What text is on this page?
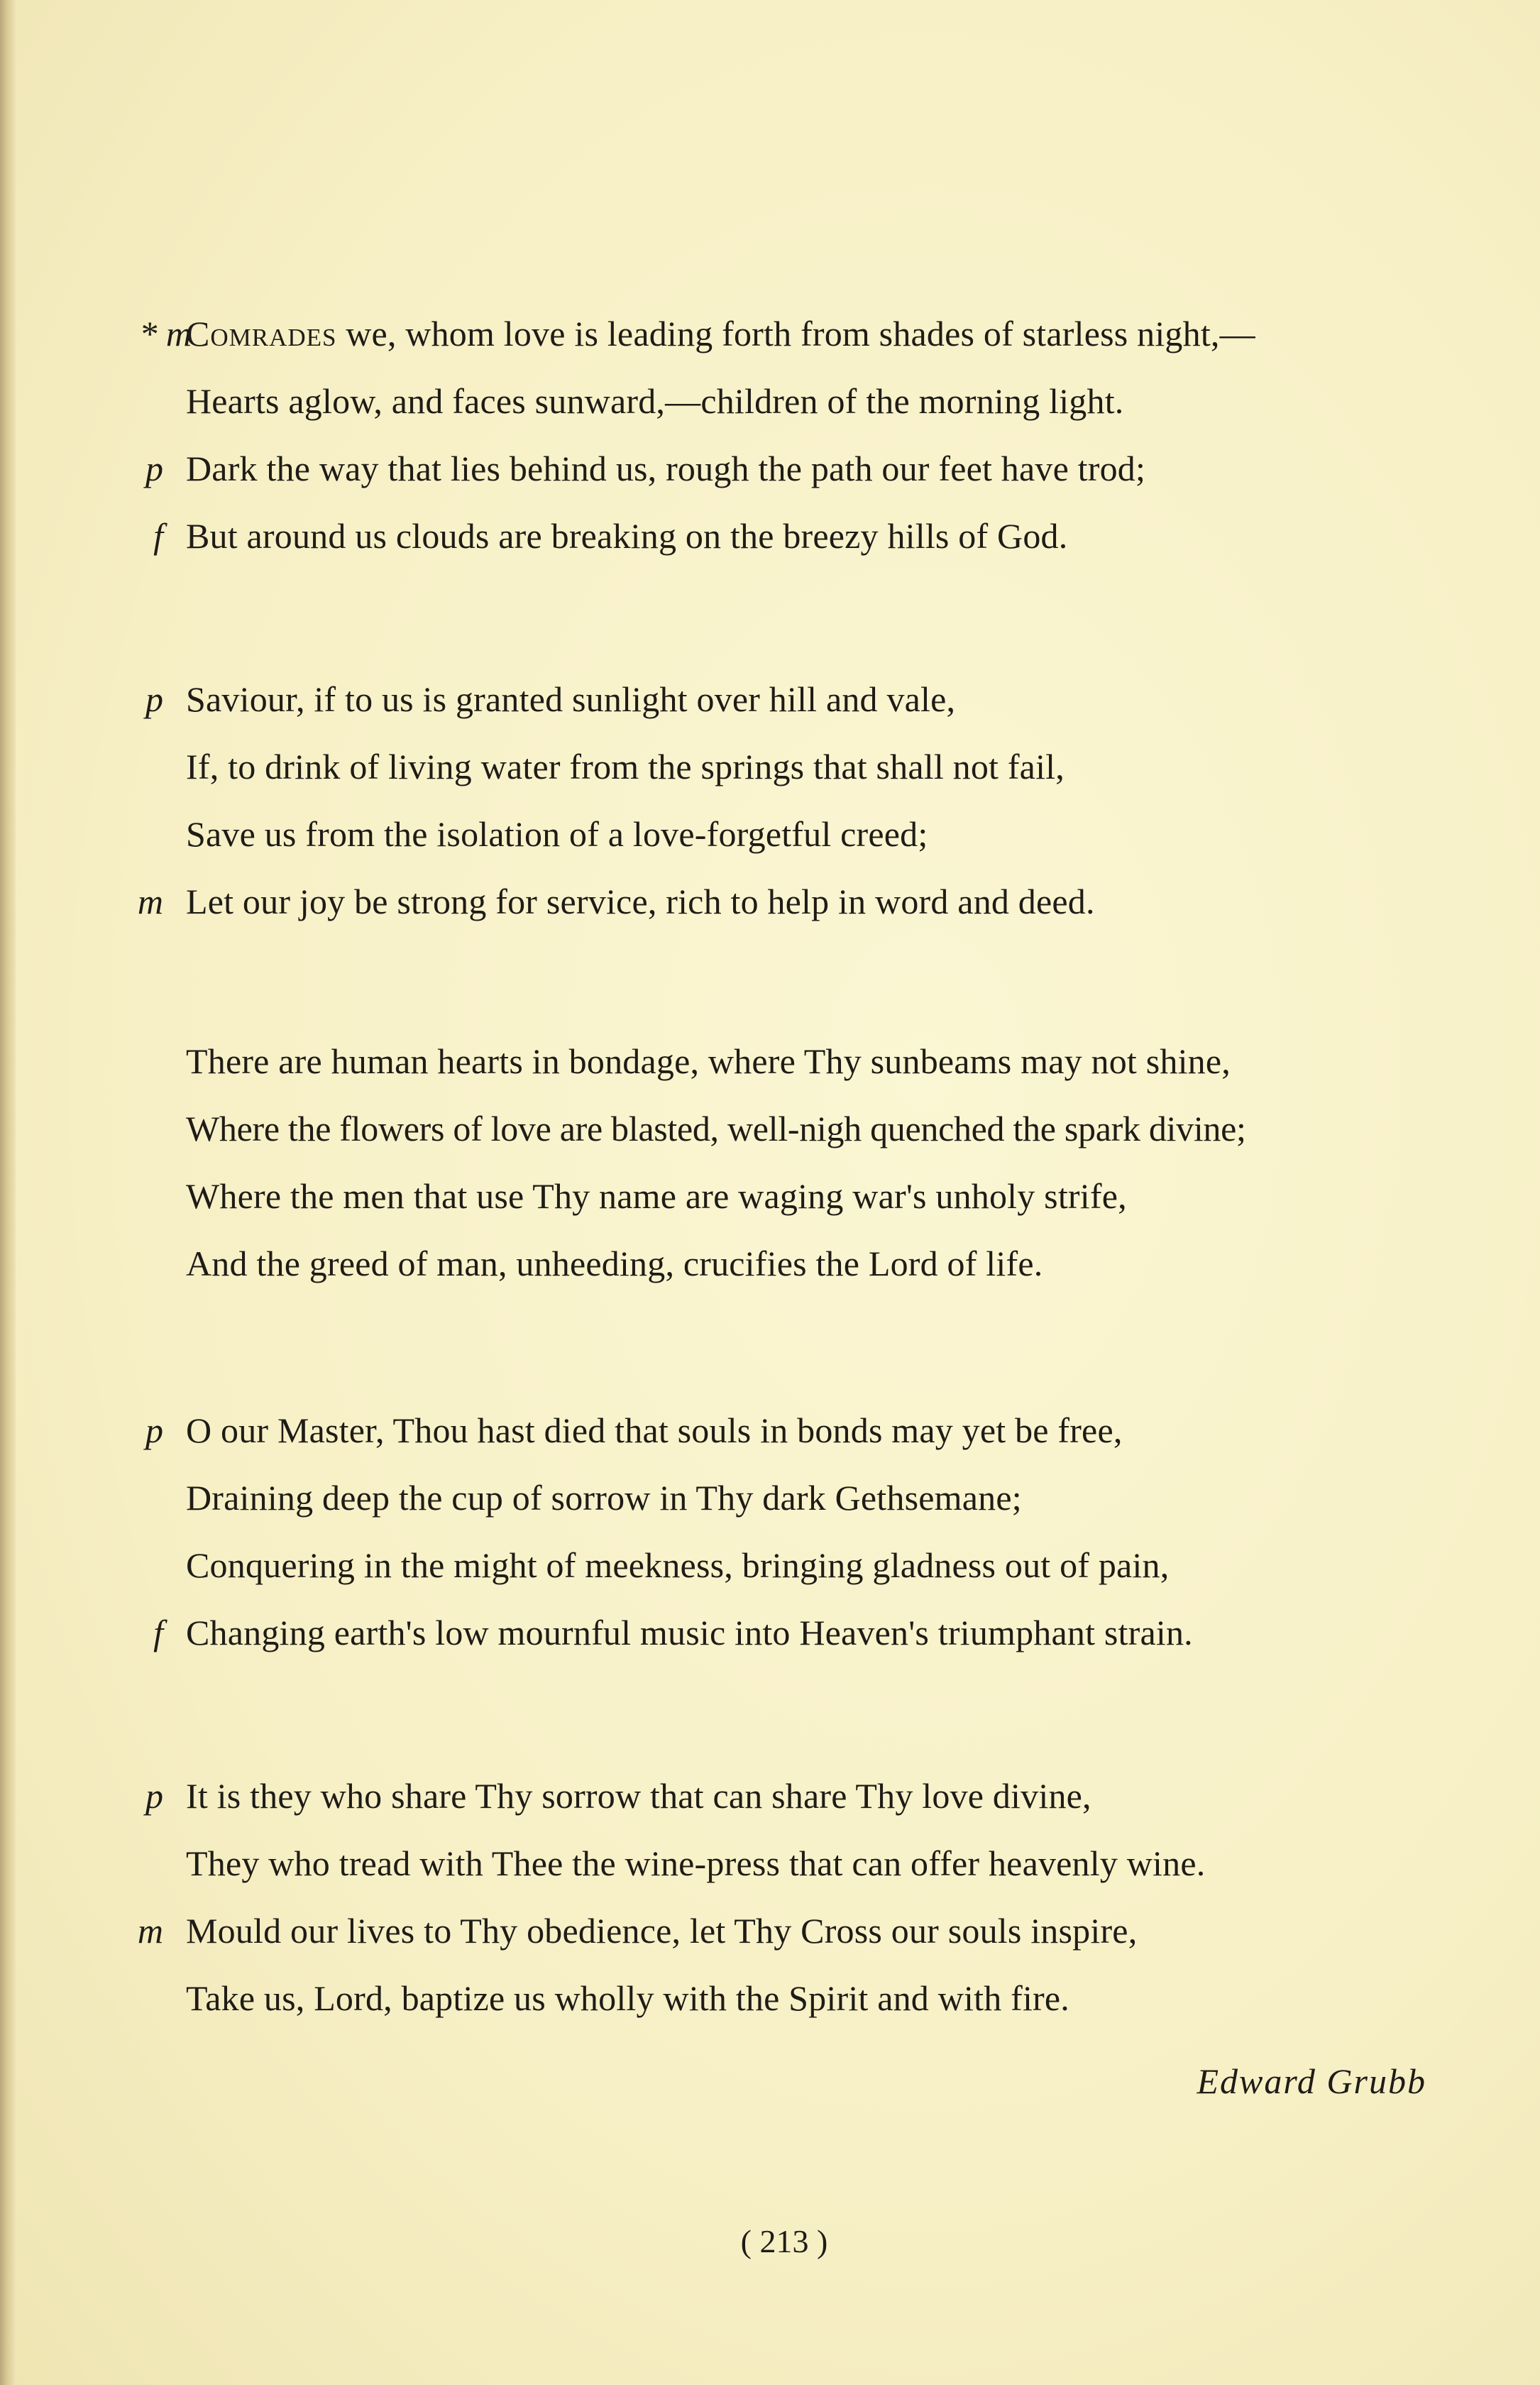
* m
Comrades we, whom love is leading forth from shades of starless night,—
Hearts aglow, and faces sunward,—children of the morning light.
p Dark the way that lies behind us, rough the path our feet have trod;
f But around us clouds are breaking on the breezy hills of God.
p Saviour, if to us is granted sunlight over hill and vale,
If, to drink of living water from the springs that shall not fail,
Save us from the isolation of a love-forgetful creed;
m Let our joy be strong for service, rich to help in word and deed.
There are human hearts in bondage, where Thy sunbeams may not shine,
Where the flowers of love are blasted, well-nigh quenched the spark divine;
Where the men that use Thy name are waging war's unholy strife,
And the greed of man, unheeding, crucifies the Lord of life.
p O our Master, Thou hast died that souls in bonds may yet be free,
Draining deep the cup of sorrow in Thy dark Gethsemane;
Conquering in the might of meekness, bringing gladness out of pain,
f Changing earth's low mournful music into Heaven's triumphant strain.
p It is they who share Thy sorrow that can share Thy love divine,
They who tread with Thee the wine-press that can offer heavenly wine.
m Mould our lives to Thy obedience, let Thy Cross our souls inspire,
Take us, Lord, baptize us wholly with the Spirit and with fire.
Edward Grubb
( 213 )
